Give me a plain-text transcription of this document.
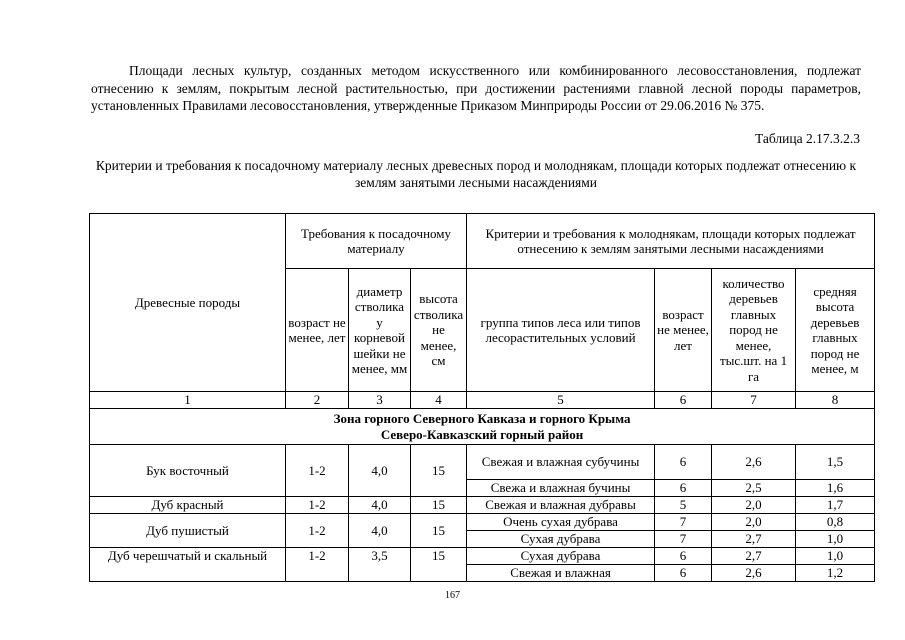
Площади лесных культур, созданных методом искусственного или комбинированного лесовосстановления, подлежат отнесению к землям, покрытым лесной растительностью, при достижении растениями главной лесной породы параметров, установленных Правилами лесовосстановления, утвержденные Приказом Минприроды России от 29.06.2016 № 375.

Таблица 2.17.3.2.3

Критерии и требования к посадочному материалу лесных древесных пород и молоднякам, площади которых подлежат отнесению к землям занятыми лесными насаждениями

Древесные породы	Требования к посадочному материалу			Критерии и требования к молоднякам, площади которых подлежат отнесению к землям занятыми лесными насаждениями			
	возраст не менее, лет	диаметр стволика у корневой шейки не менее, мм	высота стволика не менее, см	группа типов леса или типов лесорастительных условий	возраст не менее, лет	количество деревьев главных пород не менее, тыс.шт. на 1 га	средняя высота деревьев главных пород не менее, м
1	2	3	4	5	6	7	8

Зона горного Северного Кавказа и горного Крыма
Северо-Кавказский горный район							

Бук восточный	1-2	4,0	15	Свежая и влажная субучины	6	2,6	1,5
				Свежа и влажная бучины	6	2,5	1,6
Дуб красный	1-2	4,0	15	Свежая и влажная дубравы	5	2,0	1,7
Дуб пушистый	1-2	4,0	15	Очень сухая дубрава	7	2,0	0,8
				Сухая дубрава	7	2,7	1,0
Дуб черешчатый и скальный	1-2	3,5	15	Сухая дубрава	6	2,7	1,0
				Свежая и влажная	6	2,6	1,2
167
